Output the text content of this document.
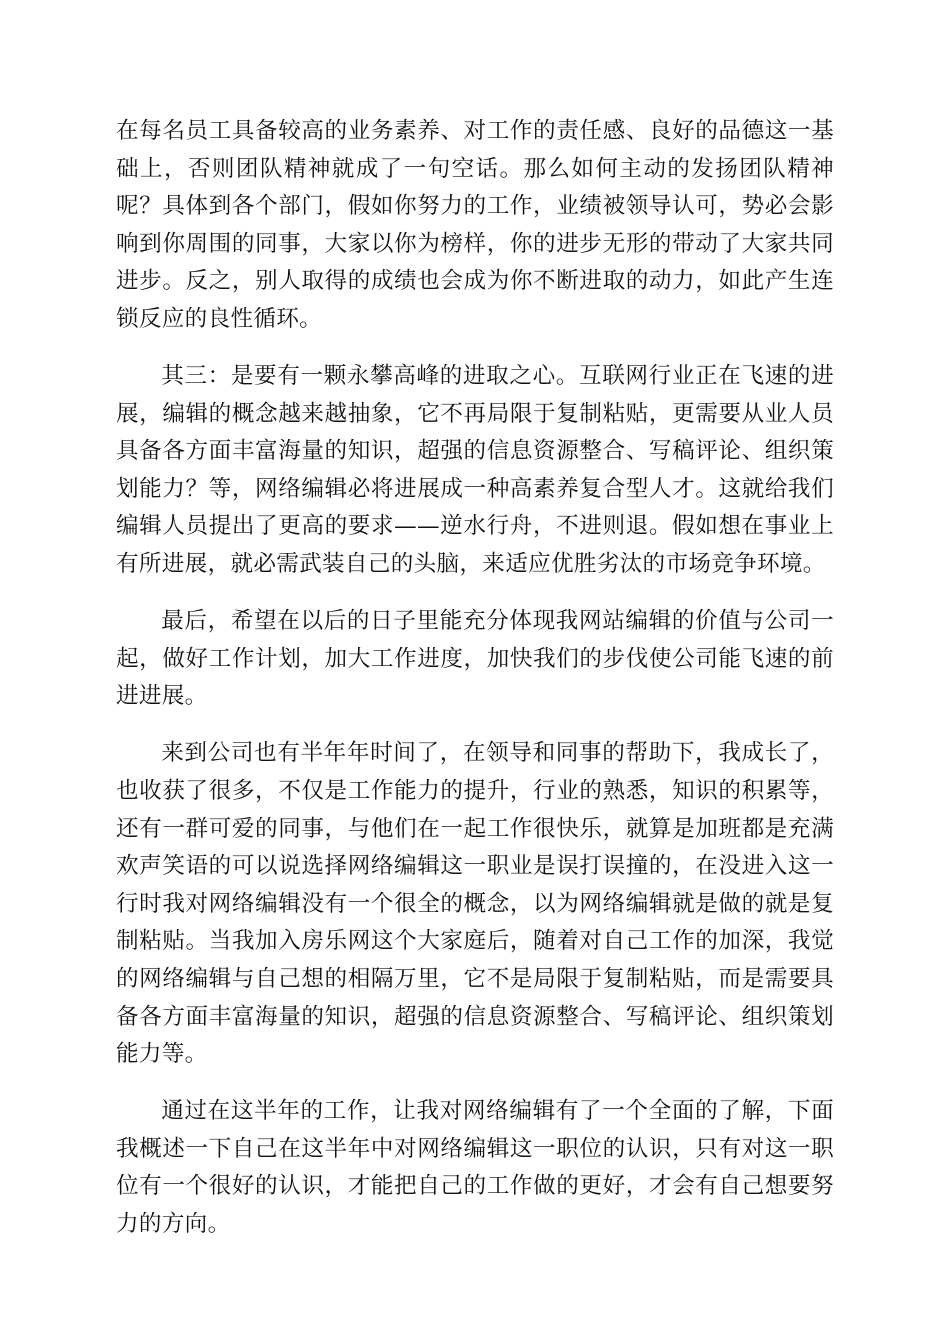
在每名员工具备较高的业务素养、对工作的责任感、良好的品德这一基础上，否则团队精神就成了一句空话。那么如何主动的发扬团队精神呢？具体到各个部门，假如你努力的工作，业绩被领导认可，势必会影响到你周围的同事，大家以你为榜样，你的进步无形的带动了大家共同进步。反之，别人取得的成绩也会成为你不断进取的动力，如此产生连锁反应的良性循环。

其三：是要有一颗永攀高峰的进取之心。互联网行业正在飞速的进展，编辑的概念越来越抽象，它不再局限于复制粘贴，更需要从业人员具备各方面丰富海量的知识，超强的信息资源整合、写稿评论、组织策划能力？等，网络编辑必将进展成一种高素养复合型人才。这就给我们编辑人员提出了更高的要求——逆水行舟，不进则退。假如想在事业上有所进展，就必需武装自己的头脑，来适应优胜劣汰的市场竞争环境。

最后，希望在以后的日子里能充分体现我网站编辑的价值与公司一起，做好工作计划，加大工作进度，加快我们的步伐使公司能飞速的前进进展。

来到公司也有半年年时间了，在领导和同事的帮助下，我成长了，也收获了很多，不仅是工作能力的提升，行业的熟悉，知识的积累等，还有一群可爱的同事，与他们在一起工作很快乐，就算是加班都是充满欢声笑语的可以说选择网络编辑这一职业是误打误撞的，在没进入这一行时我对网络编辑没有一个很全的概念，以为网络编辑就是做的就是复制粘贴。当我加入房乐网这个大家庭后，随着对自己工作的加深，我觉的网络编辑与自己想的相隔万里，它不是局限于复制粘贴，而是需要具备各方面丰富海量的知识，超强的信息资源整合、写稿评论、组织策划能力等。

通过在这半年的工作，让我对网络编辑有了一个全面的了解，下面我概述一下自己在这半年中对网络编辑这一职位的认识，只有对这一职位有一个很好的认识，才能把自己的工作做的更好，才会有自己想要努力的方向。
